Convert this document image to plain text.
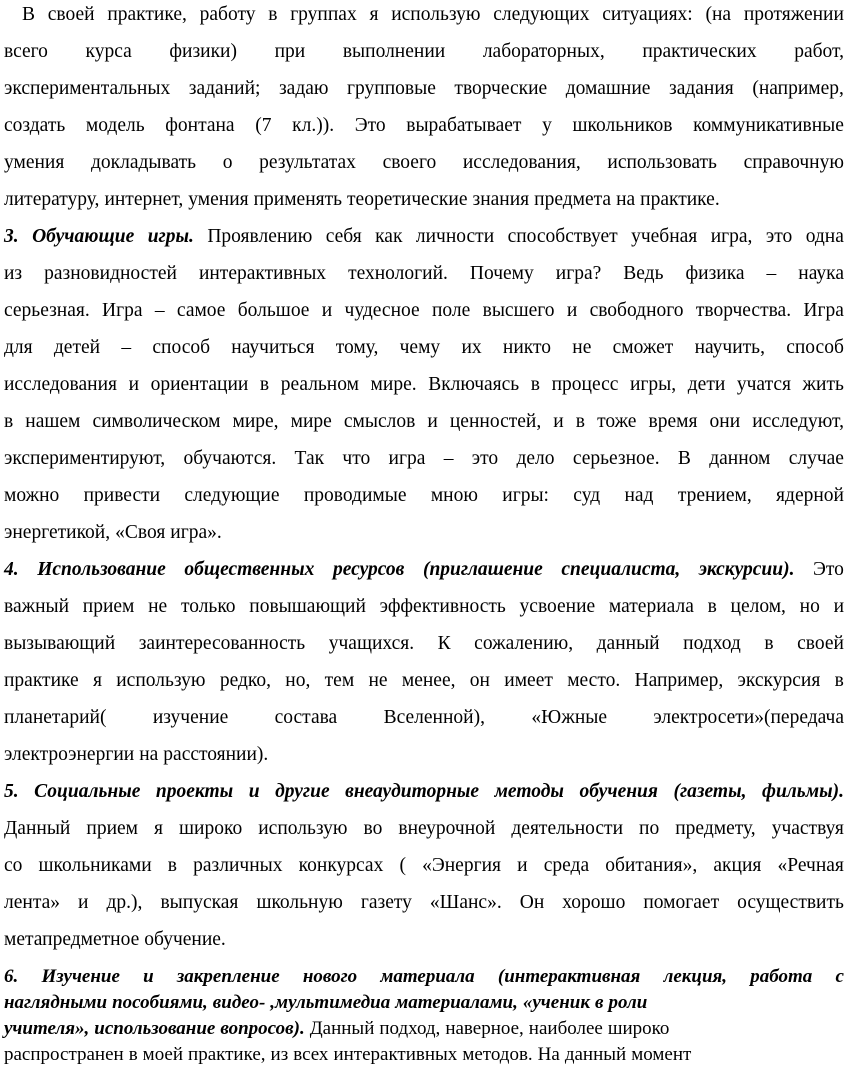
В своей практике, работу в группах я использую следующих ситуациях: (на протяжении
всего курса физики) при выполнении лабораторных, практических работ,
экспериментальных заданий; задаю групповые творческие домашние задания (например,
создать модель фонтана (7 кл.)). Это вырабатывает у школьников коммуникативные
умения докладывать о результатах своего исследования, использовать справочную
литературу, интернет, умения применять теоретические знания предмета на практике.
3. Обучающие игры. Проявлению себя как личности способствует учебная игра, это одна
из разновидностей интерактивных технологий. Почему игра? Ведь физика – наука
серьезная. Игра – самое большое и чудесное поле высшего и свободного творчества. Игра
для детей – способ научиться тому, чему их никто не сможет научить, способ
исследования и ориентации в реальном мире. Включаясь в процесс игры, дети учатся жить
в нашем символическом мире, мире смыслов и ценностей, и в тоже время они исследуют,
экспериментируют, обучаются. Так что игра – это дело серьезное. В данном случае
можно привести следующие проводимые мною игры: суд над трением, ядерной
энергетикой, «Своя игра».
4. Использование общественных ресурсов (приглашение специалиста, экскурсии). Это
важный прием не только повышающий эффективность усвоение материала в целом, но и
вызывающий заинтересованность учащихся. К сожалению, данный подход в своей
практике я использую редко, но, тем не менее, он имеет место. Например, экскурсия в
планетарий( изучение состава Вселенной), «Южные электросети»(передача
электроэнергии на расстоянии).
5. Социальные проекты и другие внеаудиторные методы обучения (газеты, фильмы).
Данный прием я широко использую во внеурочной деятельности по предмету, участвуя
со школьниками в различных конкурсах ( «Энергия и среда обитания», акция «Речная
лента» и др.), выпуская школьную газету «Шанс». Он хорошо помогает осуществить
метапредметное обучение.
6. Изучение и закрепление нового материала (интерактивная лекция, работа с
наглядными пособиями, видео- ,мультимедиа материалами, «ученик в роли
учителя», использование вопросов). Данный подход, наверное, наиболее широко
распространен в моей практике, из всех интерактивных методов. На данный момент
